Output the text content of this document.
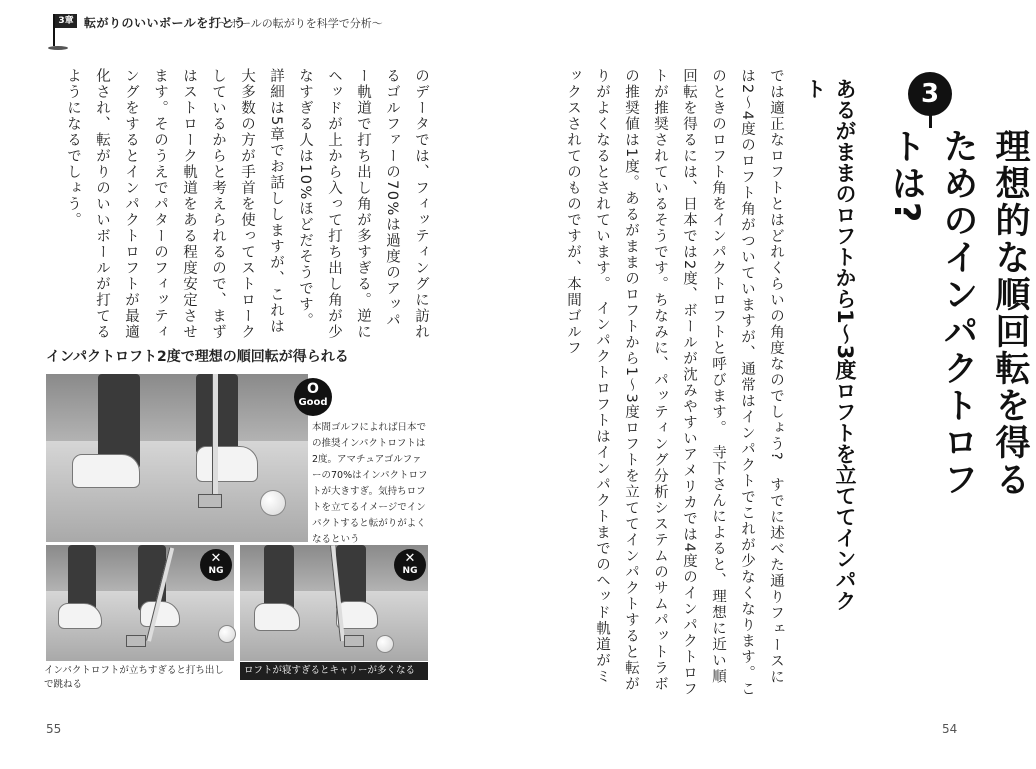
3章 転がりのいいボールを打とう
～ボールの転がりを科学で分析～
3
理想的な順回転を得るためのインパクトロフトは?
あるがままのロフトから1～3度ロフトを立ててインパクト
では適正なロフトとはどれくらいの角度なのでしょう?　すでに述べた通りフェースには2～4度のロフト角がついていますが、通常はインパクトでこれが少なくなります。このときのロフト角をインパクトロフトと呼びます。　寺下さんによると、理想に近い順回転を得るには、日本では2度、ボールが沈みやすいアメリカでは4度のインパクトロフトが推奨されているそうです。ちなみに、パッティング分析システムのサムパットラボの推奨値は1度。あるがままのロフトから1～3度ロフトを立ててインパクトすると転がりがよくなるとされています。　インパクトロフトはインパクトまでのヘッド軌道がミックスされてのものですが、本間ゴルフ
のデータでは、フィッティングに訪れるゴルファーの70%は過度のアッパー軌道で打ち出し角が多すぎる。逆にヘッドが上から入って打ち出し角が少なすぎる人は10%ほどだそうです。　詳細は5章でお話ししますが、これは大多数の方が手首を使ってストロークしているからと考えられるので、まずはストローク軌道をある程度安定させます。そのうえでパターのフィッティングをするとインパクトロフトが最適化され、転がりのいいボールが打てるようになるでしょう。
インパクトロフト2度で理想の順回転が得られる
O
Good
本間ゴルフによれば日本での推奨インパクトロフトは2度。アマチュアゴルファーの70%はインパクトロフトが大きすぎ。気持ちロフトを立てるイメージでインパクトすると転がりがよくなるという
✕
NG
✕
NG
インパクトロフトが立ちすぎると打ち出しで跳ねる
ロフトが寝すぎるとキャリーが多くなる
55	54
